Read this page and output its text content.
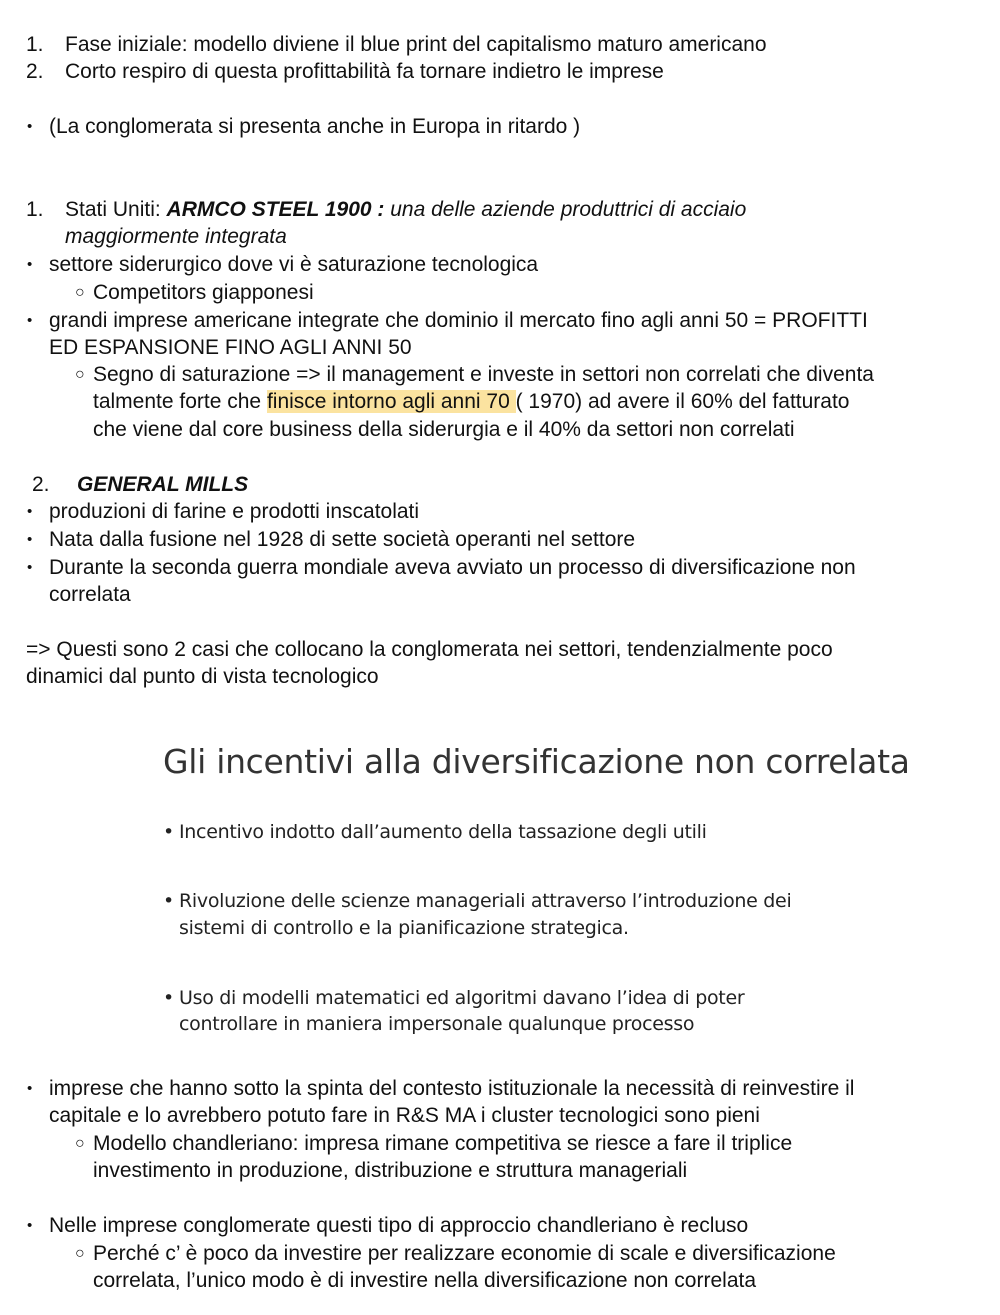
1. Fase iniziale: modello diviene il blue print del capitalismo maturo americano
2. Corto respiro di questa profittabilità fa tornare indietro le imprese
• (La conglomerata si presenta anche in Europa in ritardo )
1. Stati Uniti: ARMCO STEEL 1900 : una delle aziende produttrici di acciaio
maggiormente integrata
• settore siderurgico dove vi è saturazione tecnologica
○ Competitors giapponesi
• grandi imprese americane integrate che dominio il mercato fino agli anni 50 = PROFITTI
ED ESPANSIONE FINO AGLI ANNI 50
○ Segno di saturazione => il management e investe in settori non correlati che diventa
talmente forte che finisce intorno agli anni 70 ( 1970) ad avere il 60% del fatturato
che viene dal core business della siderurgia e il 40% da settori non correlati
2. GENERAL MILLS
• produzioni di farine e prodotti inscatolati
• Nata dalla fusione nel 1928 di sette società operanti nel settore
• Durante la seconda guerra mondiale aveva avviato un processo di diversificazione non
correlata
=> Questi sono 2 casi che collocano la conglomerata nei settori, tendenzialmente poco
dinamici dal punto di vista tecnologico
Gli incentivi alla diversificazione non correlata
• Incentivo indotto dall’aumento della tassazione degli utili
• Rivoluzione delle scienze manageriali attraverso l’introduzione dei
sistemi di controllo e la pianificazione strategica.
• Uso di modelli matematici ed algoritmi davano l’idea di poter
controllare in maniera impersonale qualunque processo
• imprese che hanno sotto la spinta del contesto istituzionale la necessità di reinvestire il
capitale e lo avrebbero potuto fare in R&S MA i cluster tecnologici sono pieni
○ Modello chandleriano: impresa rimane competitiva se riesce a fare il triplice
investimento in produzione, distribuzione e struttura manageriali
• Nelle imprese conglomerate questi tipo di approccio chandleriano è recluso
○ Perché c’ è poco da investire per realizzare economie di scale e diversificazione
correlata, l’unico modo è di investire nella diversificazione non correlata
